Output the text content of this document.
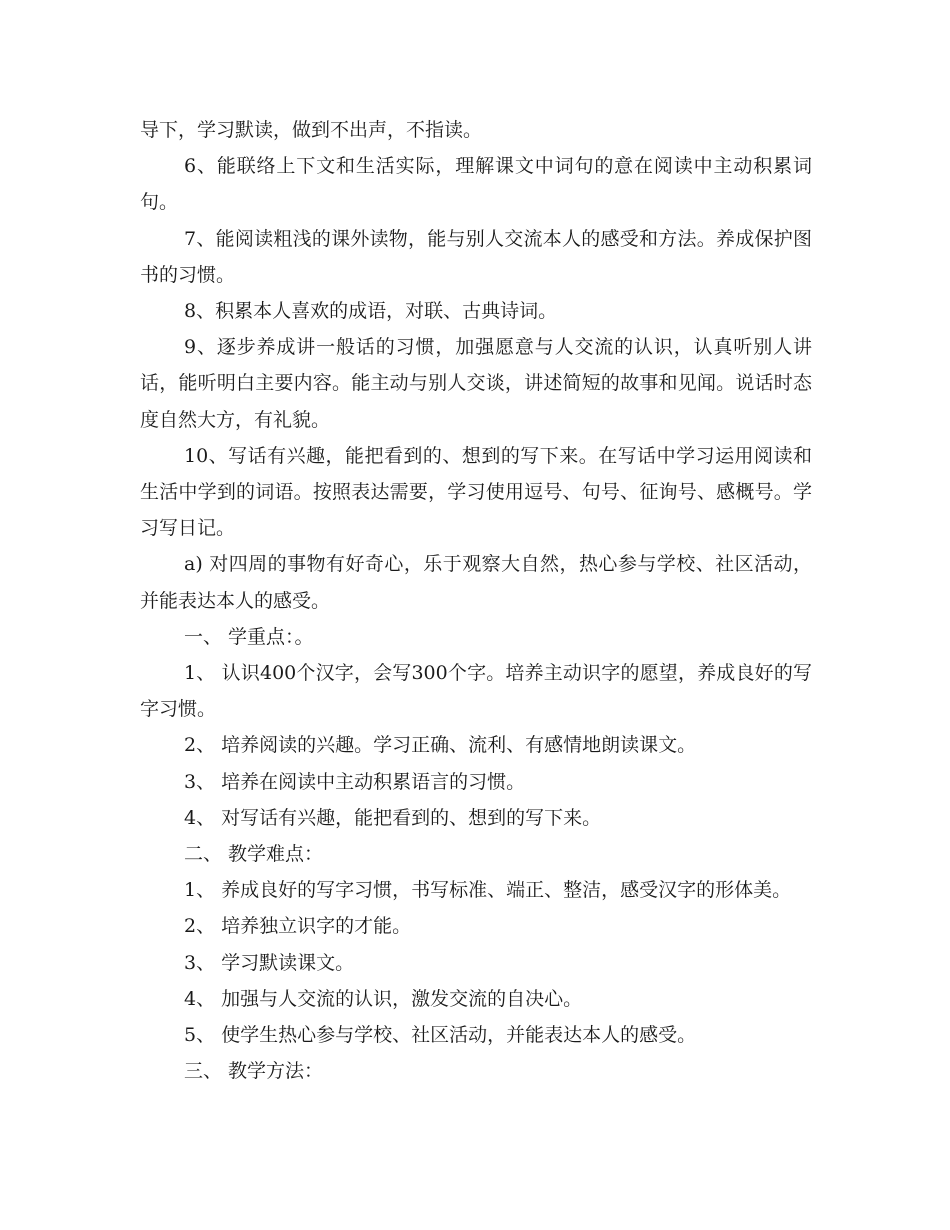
导下，学习默读，做到不出声，不指读。

6、能联络上下文和生活实际，理解课文中词句的意在阅读中主动积累词句。

7、能阅读粗浅的课外读物，能与别人交流本人的感受和方法。养成保护图书的习惯。

8、积累本人喜欢的成语，对联、古典诗词。

9、逐步养成讲一般话的习惯，加强愿意与人交流的认识，认真听别人讲话，能听明白主要内容。能主动与别人交谈，讲述简短的故事和见闻。说话时态度自然大方，有礼貌。

10、写话有兴趣，能把看到的、想到的写下来。在写话中学习运用阅读和生活中学到的词语。按照表达需要，学习使用逗号、句号、征询号、感概号。学习写日记。

a) 对四周的事物有好奇心，乐于观察大自然，热心参与学校、社区活动，并能表达本人的感受。

一、 学重点：。

1、 认识400个汉字，会写300个字。培养主动识字的愿望，养成良好的写字习惯。

2、 培养阅读的兴趣。学习正确、流利、有感情地朗读课文。

3、 培养在阅读中主动积累语言的习惯。

4、 对写话有兴趣，能把看到的、想到的写下来。

二、 教学难点：

1、 养成良好的写字习惯，书写标准、端正、整洁，感受汉字的形体美。

2、 培养独立识字的才能。

3、 学习默读课文。

4、 加强与人交流的认识，激发交流的自决心。

5、 使学生热心参与学校、社区活动，并能表达本人的感受。

三、 教学方法：
